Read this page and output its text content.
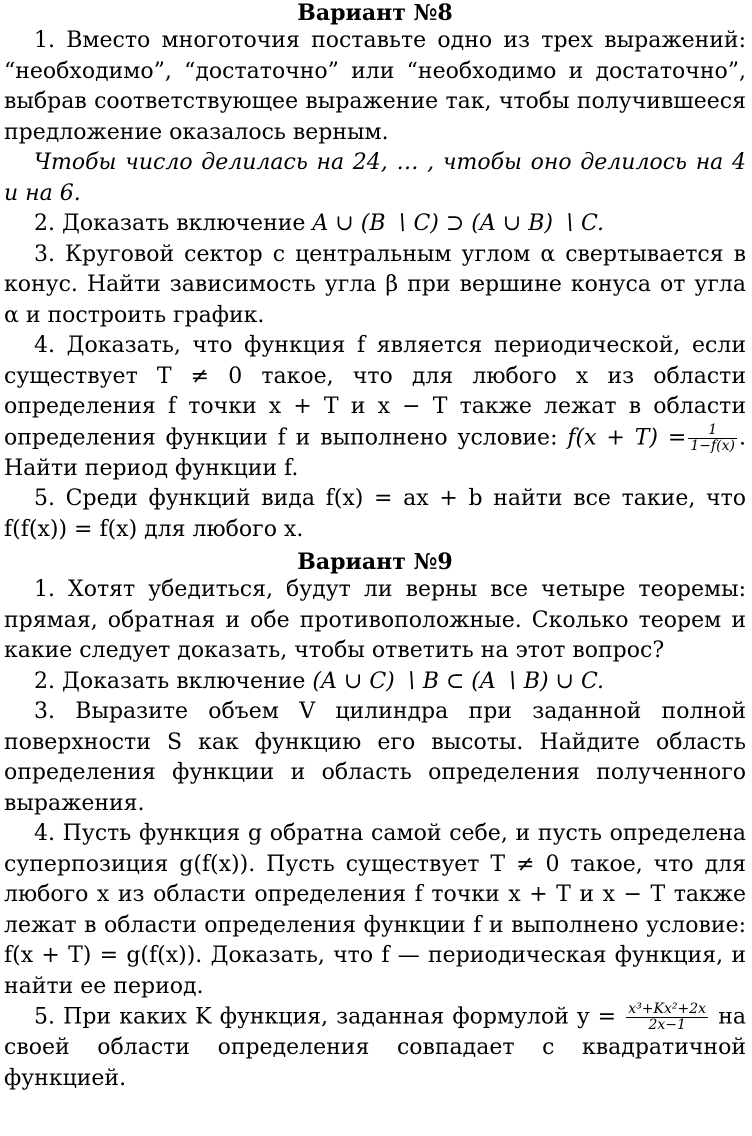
Вариант №8

1. Вместо многоточия поставьте одно из трех выражений: “необходимо”, “достаточно” или “необходимо и достаточно”, выбрав соответствующее выражение так, чтобы получившееся предложение оказалось верным.

Чтобы число делилась на 24, … , чтобы оно делилось на 4 и на 6.

2. Доказать включение A ∪ (B ∖ C) ⊃ (A ∪ B) ∖ C.

3. Круговой сектор с центральным углом α свертывается в конус. Найти зависимость угла β при вершине конуса от угла α и построить график.

4. Доказать, что функция f является периодической, если существует T ≠ 0 такое, что для любого x из области определения f точки x + T и x − T также лежат в области определения функции f и выполнено условие: $f(x + T) = \frac{1}{1-f(x)}$ . Найти период функции f.

5. Среди функций вида f(x) = ax + b найти все такие, что f(f(x)) = f(x) для любого x.

Вариант №9

1. Хотят убедиться, будут ли верны все четыре теоремы: прямая, обратная и обе противоположные. Сколько теорем и какие следует доказать, чтобы ответить на этот вопрос?

2. Доказать включение (A ∪ C) ∖ B ⊂ (A ∖ B) ∪ C.

3. Выразите объем V цилиндра при заданной полной поверхности S как функцию его высоты. Найдите область определения функции и область определения полученного выражения.

4. Пусть функция g обратна самой себе, и пусть определена суперпозиция g(f(x)). Пусть существует T ≠ 0 такое, что для любого x из области определения f точки x + T и x − T также лежат в области определения функции f и выполнено условие: f(x + T) = g(f(x)). Доказать, что f — периодическая функция, и найти ее период.

5. При каких K функция, заданная формулой $y = \frac{\text{x³+Kx²+2x}}{2x-1}$ на своей области определения совпадает с квадратичной функцией.
